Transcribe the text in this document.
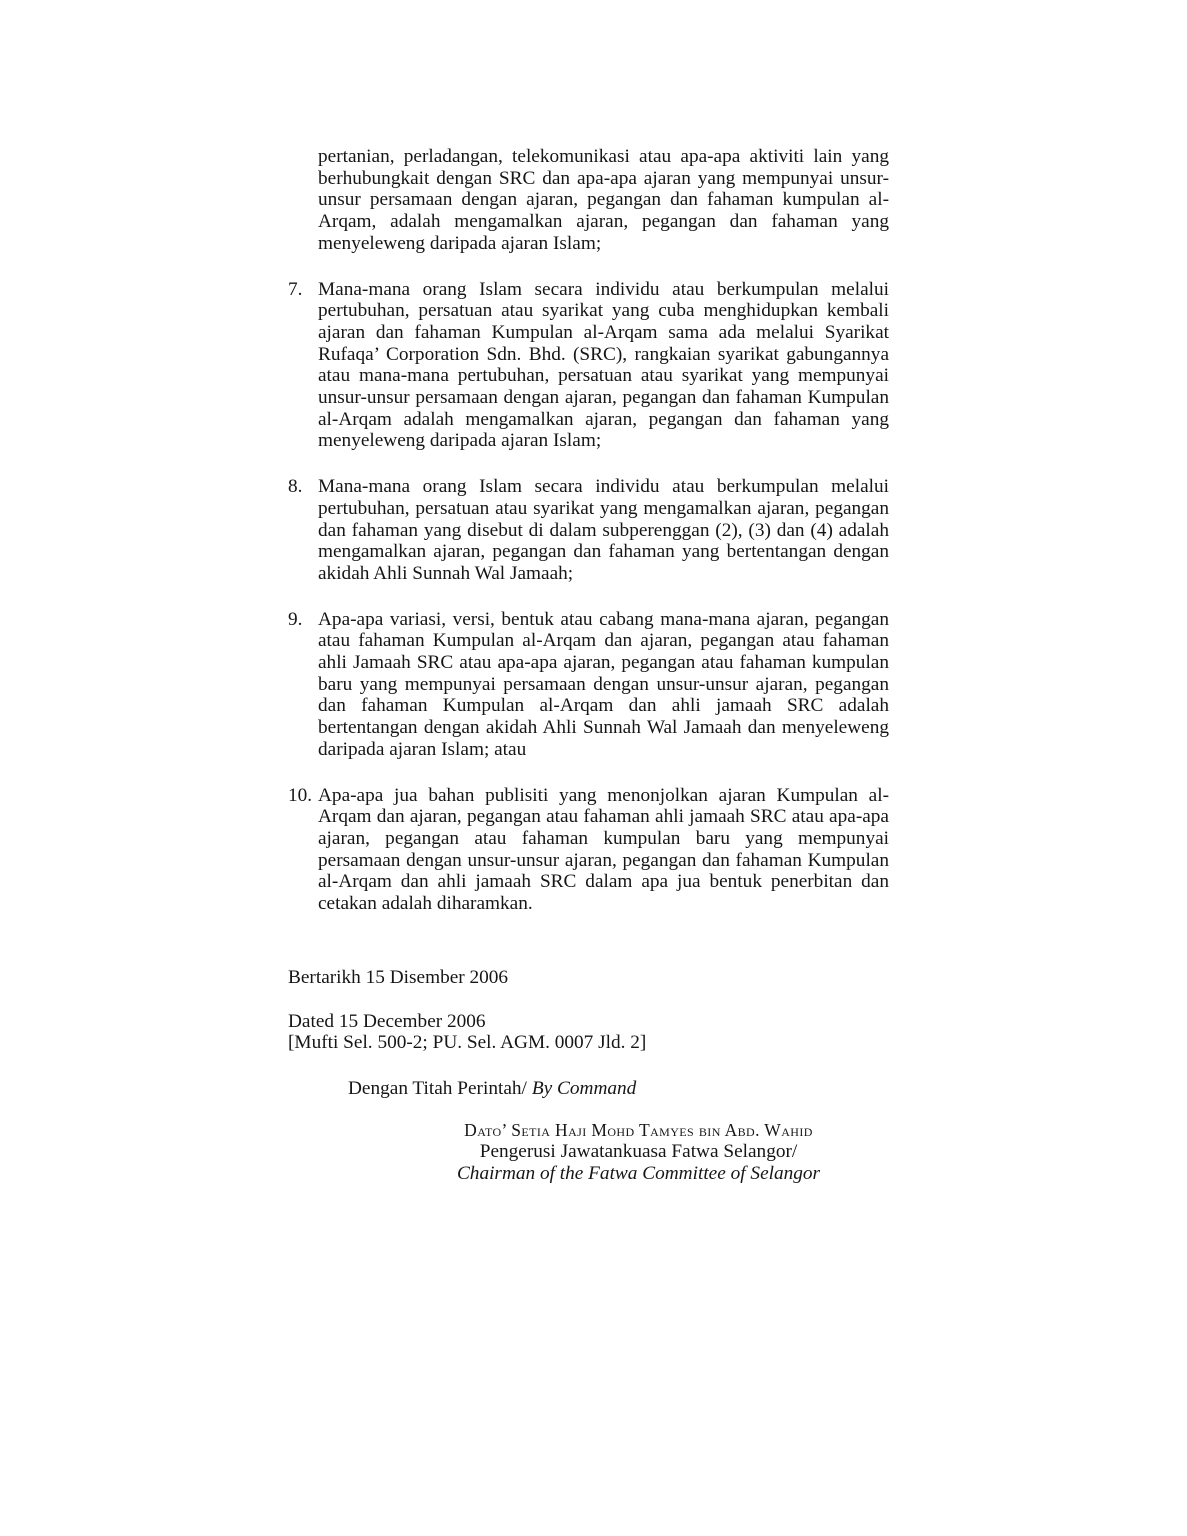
pertanian, perladangan, telekomunikasi atau apa-apa aktiviti lain yang berhubungkait dengan SRC dan apa-apa ajaran yang mempunyai unsur-unsur persamaan dengan ajaran, pegangan dan fahaman kumpulan al-Arqam, adalah mengamalkan ajaran, pegangan dan fahaman yang menyeleweng daripada ajaran Islam;

7. Mana-mana orang Islam secara individu atau berkumpulan melalui pertubuhan, persatuan atau syarikat yang cuba menghidupkan kembali ajaran dan fahaman Kumpulan al-Arqam sama ada melalui Syarikat Rufaqa’ Corporation Sdn. Bhd. (SRC), rangkaian syarikat gabungannya atau mana-mana pertubuhan, persatuan atau syarikat yang mempunyai unsur-unsur persamaan dengan ajaran, pegangan dan fahaman Kumpulan al-Arqam adalah mengamalkan ajaran, pegangan dan fahaman yang menyeleweng daripada ajaran Islam;

8. Mana-mana orang Islam secara individu atau berkumpulan melalui pertubuhan, persatuan atau syarikat yang mengamalkan ajaran, pegangan dan fahaman yang disebut di dalam subperenggan (2), (3) dan (4) adalah mengamalkan ajaran, pegangan dan fahaman yang bertentangan dengan akidah Ahli Sunnah Wal Jamaah;

9. Apa-apa variasi, versi, bentuk atau cabang mana-mana ajaran, pegangan atau fahaman Kumpulan al-Arqam dan ajaran, pegangan atau fahaman ahli Jamaah SRC atau apa-apa ajaran, pegangan atau fahaman kumpulan baru yang mempunyai persamaan dengan unsur-unsur ajaran, pegangan dan fahaman Kumpulan al-Arqam dan ahli jamaah SRC adalah bertentangan dengan akidah Ahli Sunnah Wal Jamaah dan menyeleweng daripada ajaran Islam; atau

10. Apa-apa jua bahan publisiti yang menonjolkan ajaran Kumpulan al-Arqam dan ajaran, pegangan atau fahaman ahli jamaah SRC atau apa-apa ajaran, pegangan atau fahaman kumpulan baru yang mempunyai persamaan dengan unsur-unsur ajaran, pegangan dan fahaman Kumpulan al-Arqam dan ahli jamaah SRC dalam apa jua bentuk penerbitan dan cetakan adalah diharamkan.

Bertarikh 15 Disember 2006

Dated 15 December 2006

[Mufti Sel. 500-2; PU. Sel. AGM. 0007 Jld. 2]

Dengan Titah Perintah/ By Command

Dato’ Setia Haji Mohd Tamyes bin Abd. Wahid
Pengerusi Jawatankuasa Fatwa Selangor/
Chairman of the Fatwa Committee of Selangor
